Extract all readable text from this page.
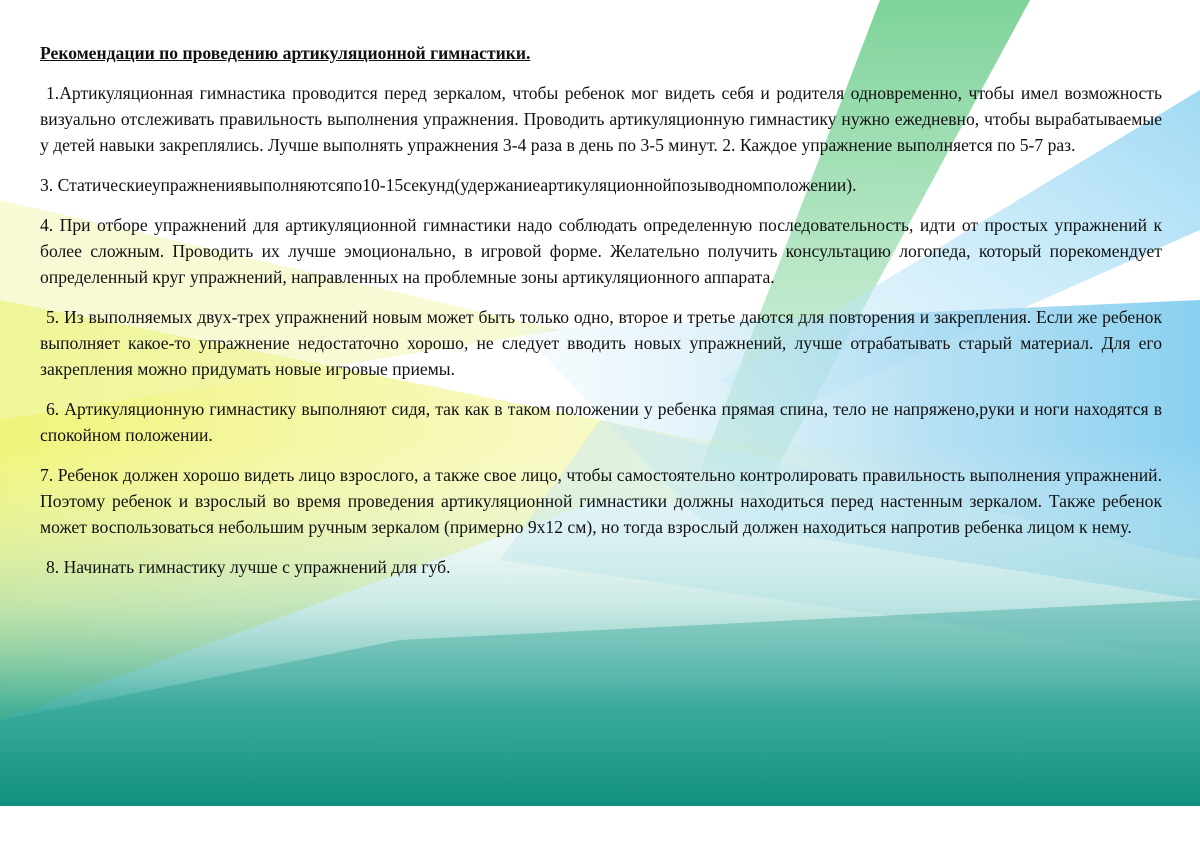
Рекомендации по проведению артикуляционной гимнастики.

1.Артикуляционная гимнастика проводится перед зеркалом, чтобы ребенок мог видеть себя и родителя одновременно, чтобы имел возможность визуально отслеживать правильность выполнения упражнения. Проводить артикуляционную гимнастику нужно ежедневно, чтобы вырабатываемые у детей навыки закреплялись. Лучше выполнять упражнения 3-4 раза в день по 3-5 минут. 2. Каждое упражнение выполняется по 5-7 раз.

3. Статическиеупражнениявыполняютсяпо10-15секунд(удержаниеартикуляционнойпозыводномположении).

4. При отборе упражнений для артикуляционной гимнастики надо соблюдать определенную последовательность, идти от простых упражнений к более сложным. Проводить их лучше эмоционально, в игровой форме. Желательно получить консультацию логопеда, который порекомендует определенный круг упражнений, направленных на проблемные зоны артикуляционного аппарата.

5. Из выполняемых двух-трех упражнений новым может быть только одно, второе и третье даются для повторения и закрепления. Если же ребенок выполняет какое-то упражнение недостаточно хорошо, не следует вводить новых упражнений, лучше отрабатывать старый материал. Для его закрепления можно придумать новые игровые приемы.

6. Артикуляционную гимнастику выполняют сидя, так как в таком положении у ребенка прямая спина, тело не напряжено,руки и ноги находятся в спокойном положении.

7. Ребенок должен хорошо видеть лицо взрослого, а также свое лицо, чтобы самостоятельно контролировать правильность выполнения упражнений. Поэтому ребенок и взрослый во время проведения артикуляционной гимнастики должны находиться перед настенным зеркалом. Также ребенок может воспользоваться небольшим ручным зеркалом (примерно 9х12 см), но тогда взрослый должен находиться напротив ребенка лицом к нему.

8. Начинать гимнастику лучше с упражнений для губ.
